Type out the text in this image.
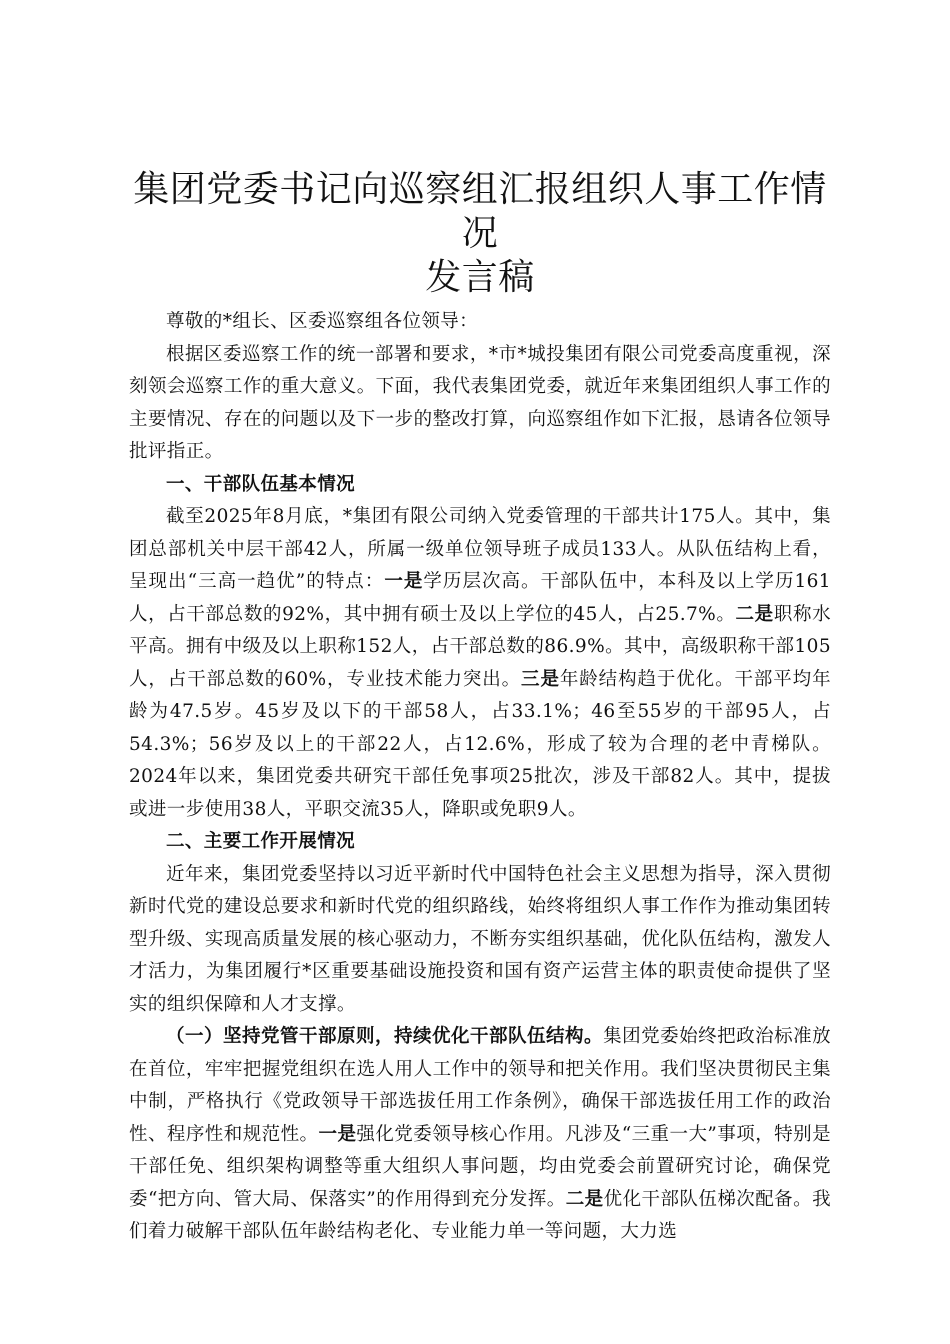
集团党委书记向巡察组汇报组织人事工作情况
发言稿

尊敬的*组长、区委巡察组各位领导：

根据区委巡察工作的统一部署和要求，*市*城投集团有限公司党委高度重视，深刻领会巡察工作的重大意义。下面，我代表集团党委，就近年来集团组织人事工作的主要情况、存在的问题以及下一步的整改打算，向巡察组作如下汇报，恳请各位领导批评指正。

一、干部队伍基本情况

截至2025年8月底，*集团有限公司纳入党委管理的干部共计175人。其中，集团总部机关中层干部42人，所属一级单位领导班子成员133人。从队伍结构上看，呈现出“三高一趋优”的特点：一是学历层次高。干部队伍中，本科及以上学历161人，占干部总数的92%，其中拥有硕士及以上学位的45人，占25.7%。二是职称水平高。拥有中级及以上职称152人，占干部总数的86.9%。其中，高级职称干部105人，占干部总数的60%，专业技术能力突出。三是年龄结构趋于优化。干部平均年龄为47.5岁。45岁及以下的干部58人，占33.1%；46至55岁的干部95人，占54.3%；56岁及以上的干部22人，占12.6%，形成了较为合理的老中青梯队。2024年以来，集团党委共研究干部任免事项25批次，涉及干部82人。其中，提拔或进一步使用38人，平职交流35人，降职或免职9人。

二、主要工作开展情况

近年来，集团党委坚持以习近平新时代中国特色社会主义思想为指导，深入贯彻新时代党的建设总要求和新时代党的组织路线，始终将组织人事工作作为推动集团转型升级、实现高质量发展的核心驱动力，不断夯实组织基础，优化队伍结构，激发人才活力，为集团履行*区重要基础设施投资和国有资产运营主体的职责使命提供了坚实的组织保障和人才支撑。

（一）坚持党管干部原则，持续优化干部队伍结构。集团党委始终把政治标准放在首位，牢牢把握党组织在选人用人工作中的领导和把关作用。我们坚决贯彻民主集中制，严格执行《党政领导干部选拔任用工作条例》，确保干部选拔任用工作的政治性、程序性和规范性。一是强化党委领导核心作用。凡涉及“三重一大”事项，特别是干部任免、组织架构调整等重大组织人事问题，均由党委会前置研究讨论，确保党委“把方向、管大局、保落实”的作用得到充分发挥。二是优化干部队伍梯次配备。我们着力破解干部队伍年龄结构老化、专业能力单一等问题，大力选
